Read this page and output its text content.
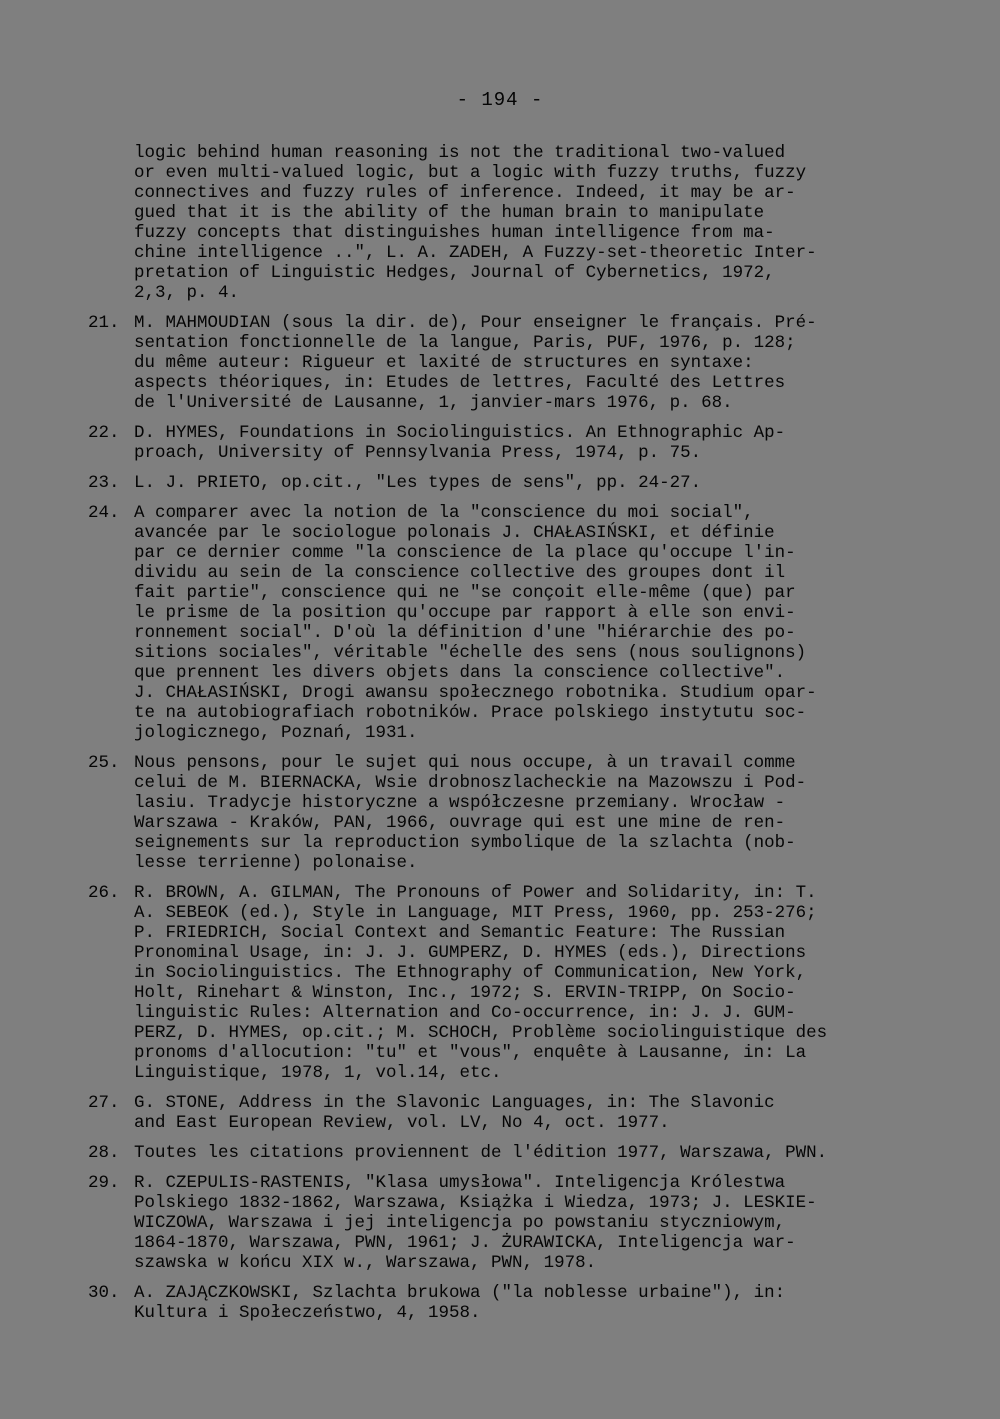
- 194 -
logic behind human reasoning is not the traditional two-valued
or even multi-valued logic, but a logic with fuzzy truths, fuzzy
connectives and fuzzy rules of inference. Indeed, it may be ar-
gued that it is the ability of the human brain to manipulate
fuzzy concepts that distinguishes human intelligence from ma-
chine intelligence ..", L. A. ZADEH, A Fuzzy-set-theoretic Inter-
pretation of Linguistic Hedges, Journal of Cybernetics, 1972,
2,3, p. 4.
21. M. MAHMOUDIAN (sous la dir. de), Pour enseigner le français. Pré-
sentation fonctionnelle de la langue, Paris, PUF, 1976, p. 128;
du même auteur: Rigueur et laxité de structures en syntaxe:
aspects théoriques, in: Etudes de lettres, Faculté des Lettres
de l'Université de Lausanne, 1, janvier-mars 1976, p. 68.
22. D. HYMES, Foundations in Sociolinguistics. An Ethnographic Ap-
proach, University of Pennsylvania Press, 1974, p. 75.
23. L. J. PRIETO, op.cit., "Les types de sens", pp. 24-27.
24. A comparer avec la notion de la "conscience du moi social",
avancée par le sociologue polonais J. CHAŁASIŃSKI, et définie
par ce dernier comme "la conscience de la place qu'occupe l'in-
dividu au sein de la conscience collective des groupes dont il
fait partie", conscience qui ne "se conçoit elle-même (que) par
le prisme de la position qu'occupe par rapport à elle son envi-
ronnement social". D'où la définition d'une "hiérarchie des po-
sitions sociales", véritable "échelle des sens (nous soulignons)
que prennent les divers objets dans la conscience collective".
J. CHAŁASIŃSKI, Drogi awansu społecznego robotnika. Studium opar-
te na autobiografiach robotników. Prace polskiego instytutu soc-
jologicznego, Poznań, 1931.
25. Nous pensons, pour le sujet qui nous occupe, à un travail comme
celui de M. BIERNACKA, Wsie drobnoszlacheckie na Mazowszu i Pod-
lasiu. Tradycje historyczne a współczesne przemiany. Wrocław -
Warszawa - Kraków, PAN, 1966, ouvrage qui est une mine de ren-
seignements sur la reproduction symbolique de la szlachta (nob-
lesse terrienne) polonaise.
26. R. BROWN, A. GILMAN, The Pronouns of Power and Solidarity, in: T.
A. SEBEOK (ed.), Style in Language, MIT Press, 1960, pp. 253-276;
P. FRIEDRICH, Social Context and Semantic Feature: The Russian
Pronominal Usage, in: J. J. GUMPERZ, D. HYMES (eds.), Directions
in Sociolinguistics. The Ethnography of Communication, New York,
Holt, Rinehart & Winston, Inc., 1972; S. ERVIN-TRIPP, On Socio-
linguistic Rules: Alternation and Co-occurrence, in: J. J. GUM-
PERZ, D. HYMES, op.cit.; M. SCHOCH, Problème sociolinguistique des
pronoms d'allocution: "tu" et "vous", enquête à Lausanne, in: La
Linguistique, 1978, 1, vol.14, etc.
27. G. STONE, Address in the Slavonic Languages, in: The Slavonic
and East European Review, vol. LV, No 4, oct. 1977.
28. Toutes les citations proviennent de l'édition 1977, Warszawa, PWN.
29. R. CZEPULIS-RASTENIS, "Klasa umysłowa". Inteligencja Królestwa
Polskiego 1832-1862, Warszawa, Książka i Wiedza, 1973; J. LESKIE-
WICZOWA, Warszawa i jej inteligencja po powstaniu styczniowym,
1864-1870, Warszawa, PWN, 1961; J. ŻURAWICKA, Inteligencja war-
szawska w końcu XIX w., Warszawa, PWN, 1978.
30. A. ZAJĄCZKOWSKI, Szlachta brukowa ("la noblesse urbaine"), in:
Kultura i Społeczeństwo, 4, 1958.
